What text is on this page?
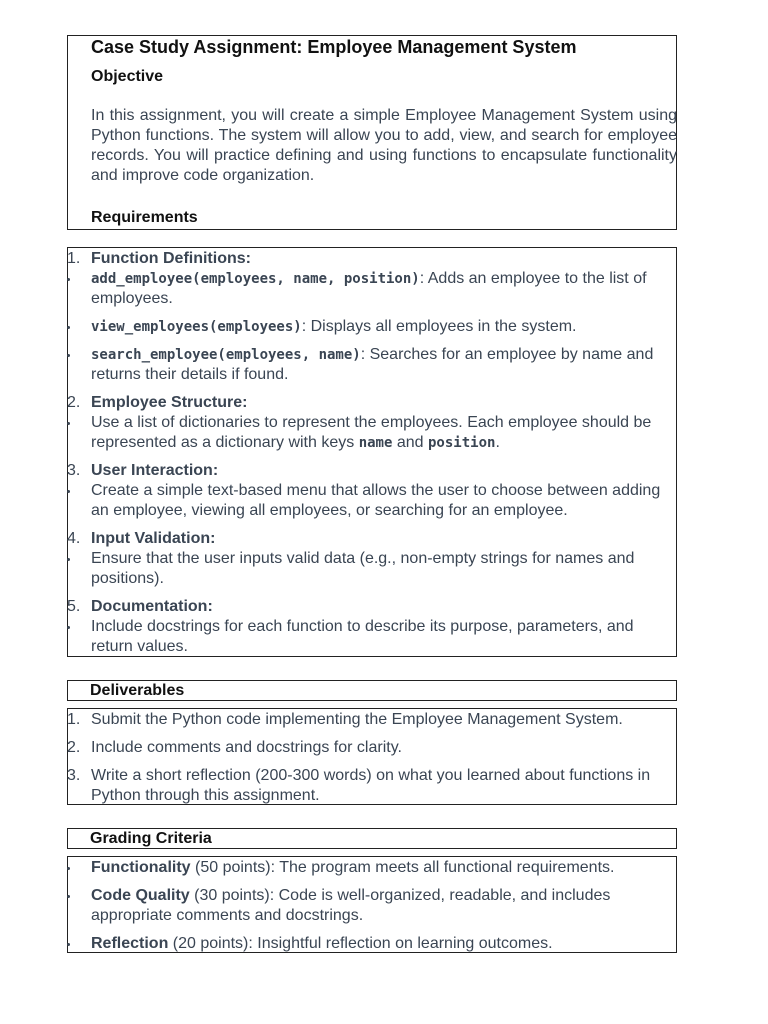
Case Study Assignment: Employee Management System
Objective
In this assignment, you will create a simple Employee Management System using Python functions. The system will allow you to add, view, and search for employee records. You will practice defining and using functions to encapsulate functionality and improve code organization.
Requirements
1. Function Definitions:
add_employee(employees, name, position): Adds an employee to the list of employees.
view_employees(employees): Displays all employees in the system.
search_employee(employees, name): Searches for an employee by name and returns their details if found.
2. Employee Structure:
Use a list of dictionaries to represent the employees. Each employee should be represented as a dictionary with keys name and position.
3. User Interaction:
Create a simple text-based menu that allows the user to choose between adding an employee, viewing all employees, or searching for an employee.
4. Input Validation:
Ensure that the user inputs valid data (e.g., non-empty strings for names and positions).
5. Documentation:
Include docstrings for each function to describe its purpose, parameters, and return values.
Deliverables
1. Submit the Python code implementing the Employee Management System.
2. Include comments and docstrings for clarity.
3. Write a short reflection (200-300 words) on what you learned about functions in Python through this assignment.
Grading Criteria
Functionality (50 points): The program meets all functional requirements.
Code Quality (30 points): Code is well-organized, readable, and includes appropriate comments and docstrings.
Reflection (20 points): Insightful reflection on learning outcomes.
